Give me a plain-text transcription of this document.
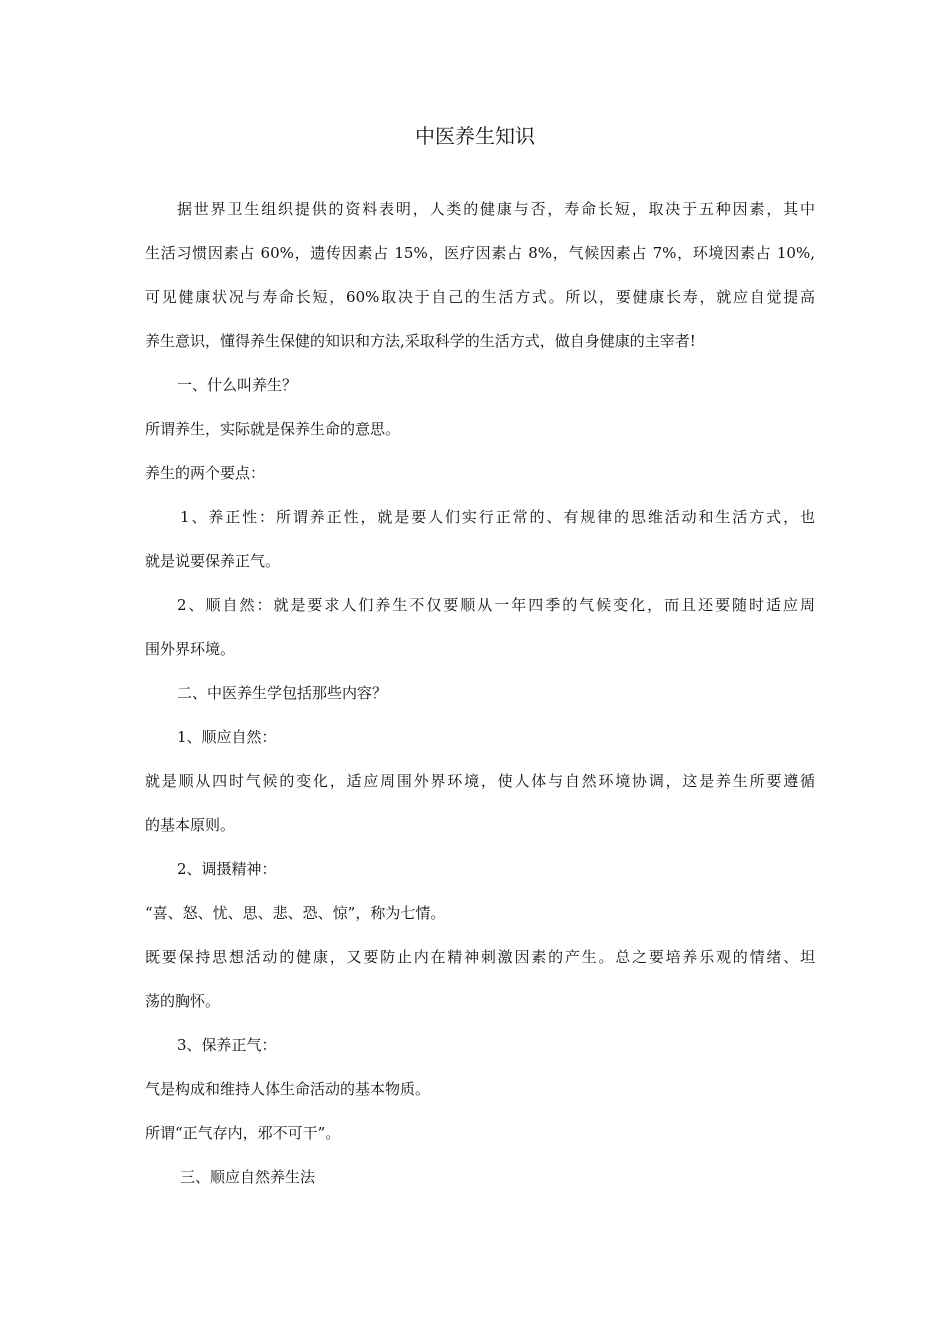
中医养生知识
据世界卫生组织提供的资料表明，人类的健康与否，寿命长短，取决于五种因素，其中
生活习惯因素占 60%，遗传因素占 15%，医疗因素占 8%，气候因素占 7%，环境因素占 10%,
可见健康状况与寿命长短，60%取决于自己的生活方式。所以，要健康长寿，就应自觉提高
养生意识，懂得养生保健的知识和方法,采取科学的生活方式，做自身健康的主宰者!
一、什么叫养生？
所谓养生，实际就是保养生命的意思。
养生的两个要点：
1、养正性：所谓养正性，就是要人们实行正常的、有规律的思维活动和生活方式，也
就是说要保养正气。
2、顺自然：就是要求人们养生不仅要顺从一年四季的气候变化，而且还要随时适应周
围外界环境。
二、中医养生学包括那些内容？
1、顺应自然：
就是顺从四时气候的变化，适应周围外界环境，使人体与自然环境协调，这是养生所要遵循
的基本原则。
2、调摄精神：
“喜、怒、忧、思、悲、恐、惊”，称为七情。
既要保持思想活动的健康，又要防止内在精神刺激因素的产生。总之要培养乐观的情绪、坦
荡的胸怀。
3、保养正气：
气是构成和维持人体生命活动的基本物质。
所谓“正气存内，邪不可干”。
三、顺应自然养生法
